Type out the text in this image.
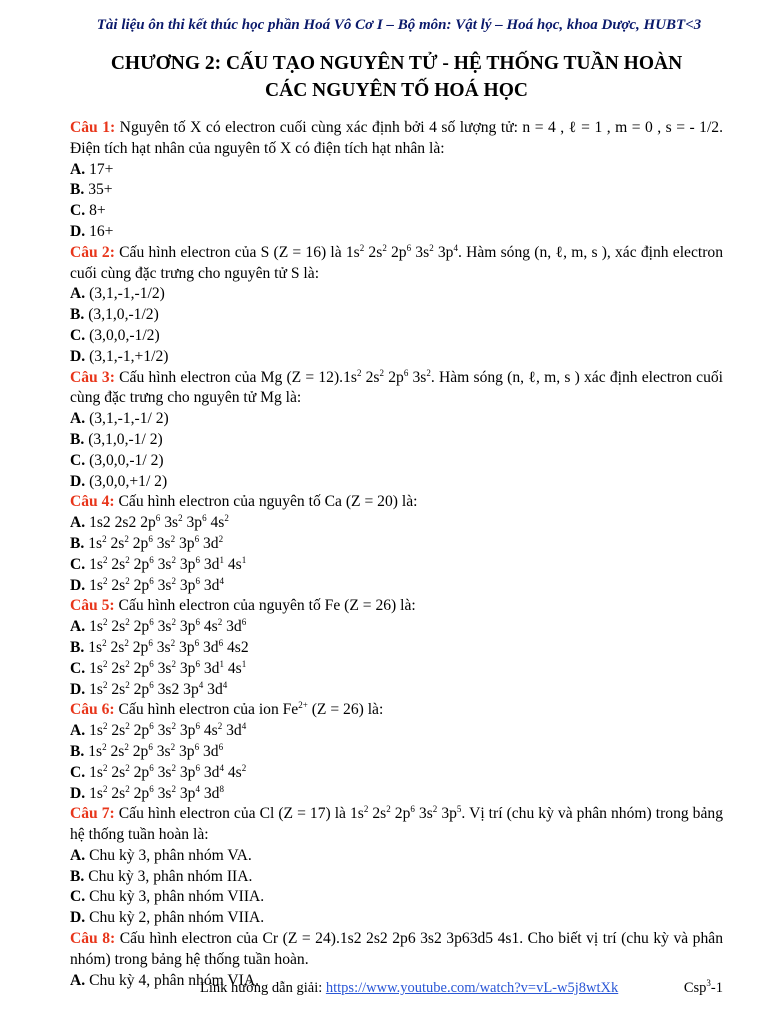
Tài liệu ôn thi kết thúc học phần Hoá Vô Cơ I – Bộ môn: Vật lý – Hoá học, khoa Dược, HUBT<3
CHƯƠNG 2: CẤU TẠO NGUYÊN TỬ - HỆ THỐNG TUẦN HOÀN
CÁC NGUYÊN TỐ HOÁ HỌC
Câu 1: Nguyên tố X có electron cuối cùng xác định bởi 4 số lượng tử: n = 4 , ℓ = 1 , m = 0 , s = - 1/2. Điện tích hạt nhân của nguyên tố X có điện tích hạt nhân là:
A. 17+
B. 35+
C. 8+
D. 16+
Câu 2: Cấu hình electron của S (Z = 16) là $1s^2$ $2s^2$ $2p^6$ $3s^2$ $3p^4$. Hàm sóng (n, ℓ, m, s ), xác định electron cuối cùng đặc trưng cho nguyên tử S là:
A. (3,1,-1,-1/2)
B. (3,1,0,-1/2)
C. (3,0,0,-1/2)
D. (3,1,-1,+1/2)
Câu 3: Cấu hình electron của Mg $(Z = 12).1s^2$ $2s^2$ $2p^6$ $3s^2$. Hàm sóng (n, ℓ, m, s ) xác định electron cuối cùng đặc trưng cho nguyên tử Mg là:
A. (3,1,-1,-1/ 2)
B. (3,1,0,-1/ 2)
C. (3,0,0,-1/ 2)
D. (3,0,0,+1/ 2)
Câu 4: Cấu hình electron của nguyên tố Ca (Z = 20) là:
A. 1s2 2s2 $2p^6$ $3s^2$ $3p^6$ $4s^2$
B. $1s^2$ $2s^2$ $2p^6$ $3s^2$ $3p^6$ $3d^2$
C. $1s^2$ $2s^2$ $2p^6$ $3s^2$ $3p^6$ $3d^1$ $4s^1$
D. $1s^2$ $2s^2$ $2p^6$ $3s^2$ $3p^6$ $3d^4$
Câu 5: Cấu hình electron của nguyên tố Fe (Z = 26) là:
A. $1s^2$ $2s^2$ $2p^6$ $3s^2$ $3p^6$ $4s^2$ $3d^6$
B. $1s^2$ $2s^2$ $2p^6$ $3s^2$ $3p^6$ $3d^6$ 4s2
C. $1s^2$ $2s^2$ $2p^6$ $3s^2$ $3p^6$ $3d^1$ $4s^1$
D. $1s^2$ $2s^2$ $2p^6$ 3s2 $3p^4$ $3d^4$
Câu 6: Cấu hình electron của ion $Fe^{2+}$ (Z = 26) là:
A. $1s^2$ $2s^2$ $2p^6$ $3s^2$ $3p^6$ $4s^2$ $3d^4$
B. $1s^2$ $2s^2$ $2p^6$ $3s^2$ $3p^6$ $3d^6$
C. $1s^2$ $2s^2$ $2p^6$ $3s^2$ $3p^6$ $3d^4$ $4s^2$
D. $1s^2$ $2s^2$ $2p^6$ $3s^2$ $3p^4$ $3d^8$
Câu 7: Cấu hình electron của Cl (Z = 17) là $1s^2$ $2s^2$ $2p^6$ $3s^2$ $3p^5$. Vị trí (chu kỳ và phân nhóm) trong bảng hệ thống tuần hoàn là:
A. Chu kỳ 3, phân nhóm VA.
B. Chu kỳ 3, phân nhóm IIA.
C. Chu kỳ 3, phân nhóm VIIA.
D. Chu kỳ 2, phân nhóm VIIA.
Câu 8: Cấu hình electron của Cr (Z = 24).1s2 2s2 2p6 3s2 3p63d5 4s1. Cho biết vị trí (chu kỳ và phân nhóm) trong bảng hệ thống tuần hoàn.
A. Chu kỳ 4, phân nhóm VIA.
Link hướng dẫn giải: https://www.youtube.com/watch?v=vL-w5j8wtXk	Csp$^3$-1
